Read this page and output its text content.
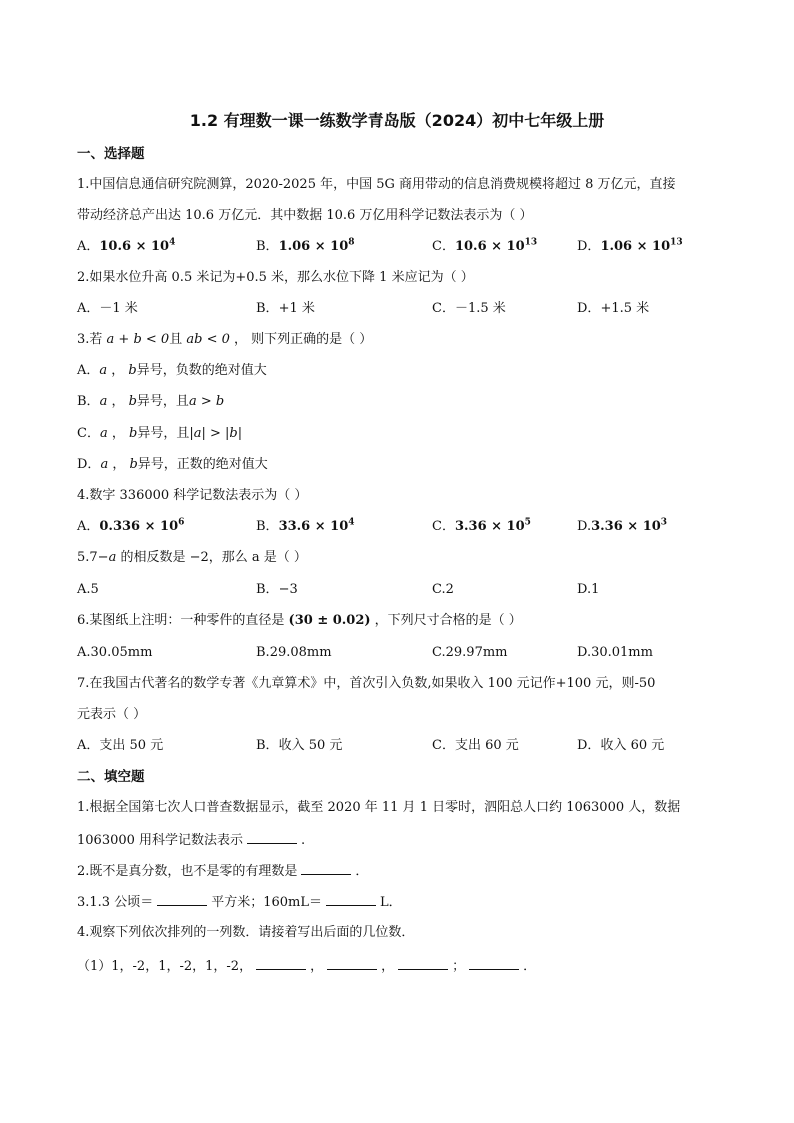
1.2 有理数一课一练数学青岛版（2024）初中七年级上册
一、选择题
1.中国信息通信研究院测算，2020-2025 年，中国 5G 商用带动的信息消费规模将超过 8 万亿元，直接
带动经济总产出达 10.6 万亿元．其中数据 10.6 万亿用科学记数法表示为（ ）
A．$10.6 \times 10^4$	B．$1.06 \times 10^8$	C．$10.6 \times 10^{13}$	D．$1.06 \times 10^{13}$
2.如果水位升高 0.5 米记为+0.5 米，那么水位下降 1 米应记为（ ）
A．－1 米	B．+1 米	C．－1.5 米	D．+1.5 米
3.若 a + b < 0且 ab < 0 ， 则下列正确的是（ ）
A．a ， b异号，负数的绝对值大
B．a ， b异号，且a > b
C．a ， b异号，且|a| > |b|
D．a ， b异号，正数的绝对值大
4.数字 336000 科学记数法表示为（ ）
A．$0.336 \times 10^6$	B．$33.6 \times 10^4$	C．$3.36 \times 10^5$	$D.3.36 \times 10^3$
5.7−a 的相反数是 −2，那么 a 是（ ）
A.5	B．−3	C.2	D.1
6.某图纸上注明：一种零件的直径是 (30 ± 0.02) ，下列尺寸合格的是（ ）
A.30.05mm	B.29.08mm	C.29.97mm	D.30.01mm
7.在我国古代著名的数学专著《九章算术》中，首次引入负数,如果收入 100 元记作+100 元，则-50
元表示（ ）
A．支出 50 元	B．收入 50 元	C．支出 60 元	D．收入 60 元
二、填空题
1.根据全国第七次人口普查数据显示，截至 2020 年 11 月 1 日零时，泗阳总人口约 1063000 人，数据
1063000 用科学记数法表示	.
2.既不是真分数，也不是零的有理数是	．
3.1.3 公顷＝	平方米；160mL＝	L．
4.观察下列依次排列的一列数．请接着写出后面的几位数．
（1）1，-2，1，-2，1，-2，	，	，	；	．
